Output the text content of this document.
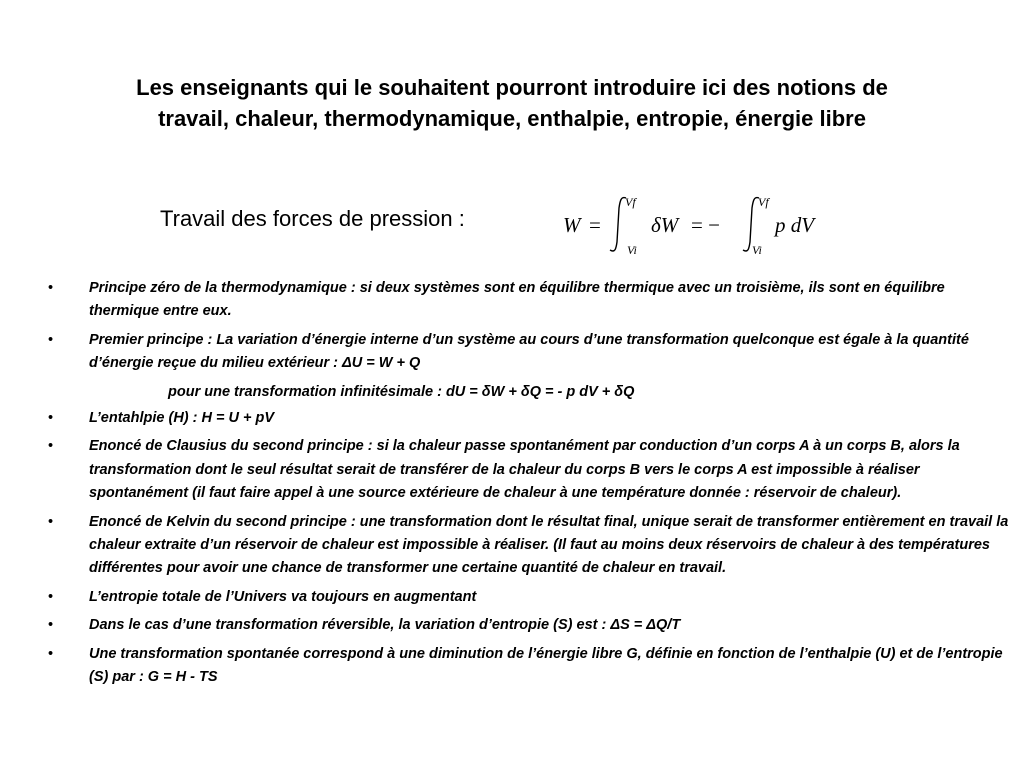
Les enseignants qui le souhaitent pourront introduire ici des notions de
travail, chaleur, thermodynamique, enthalpie, entropie, énergie libre
Travail des forces de pression :	W =
Vf
Vi
δW = −
Vf
Vi
p dV
• Principe zéro de la thermodynamique : si deux systèmes sont en équilibre thermique avec un troisième, ils sont en équilibre thermique entre eux.
• Premier principe : La variation d’énergie interne d’un système au cours d’une transformation quelconque est égale à la quantité d’énergie reçue du milieu extérieur : ΔU = W + Q
pour une transformation infinitésimale : dU = δW + δQ = - p dV + δQ
• L’entahlpie (H) : H = U + pV
• Enoncé de Clausius du second principe : si la chaleur passe spontanément par conduction d’un corps A à un corps B, alors la transformation dont le seul résultat serait de transférer de la chaleur du corps B vers le corps A est impossible à réaliser spontanément (il faut faire appel à une source extérieure de chaleur à une température donnée : réservoir de chaleur).
• Enoncé de Kelvin du second principe : une transformation dont le résultat final, unique serait de transformer entièrement en travail la chaleur extraite d’un réservoir de chaleur est impossible à réaliser. (Il faut au moins deux réservoirs de chaleur à des températures différentes pour avoir une chance de transformer une certaine quantité de chaleur en travail.
• L’entropie totale de l’Univers va toujours en augmentant
• Dans le cas d’une transformation réversible, la variation d’entropie (S) est : ΔS = ΔQ/T
• Une transformation spontanée correspond à une diminution de l’énergie libre G, définie en fonction de l’enthalpie (U) et de l’entropie (S) par : G = H - TS
